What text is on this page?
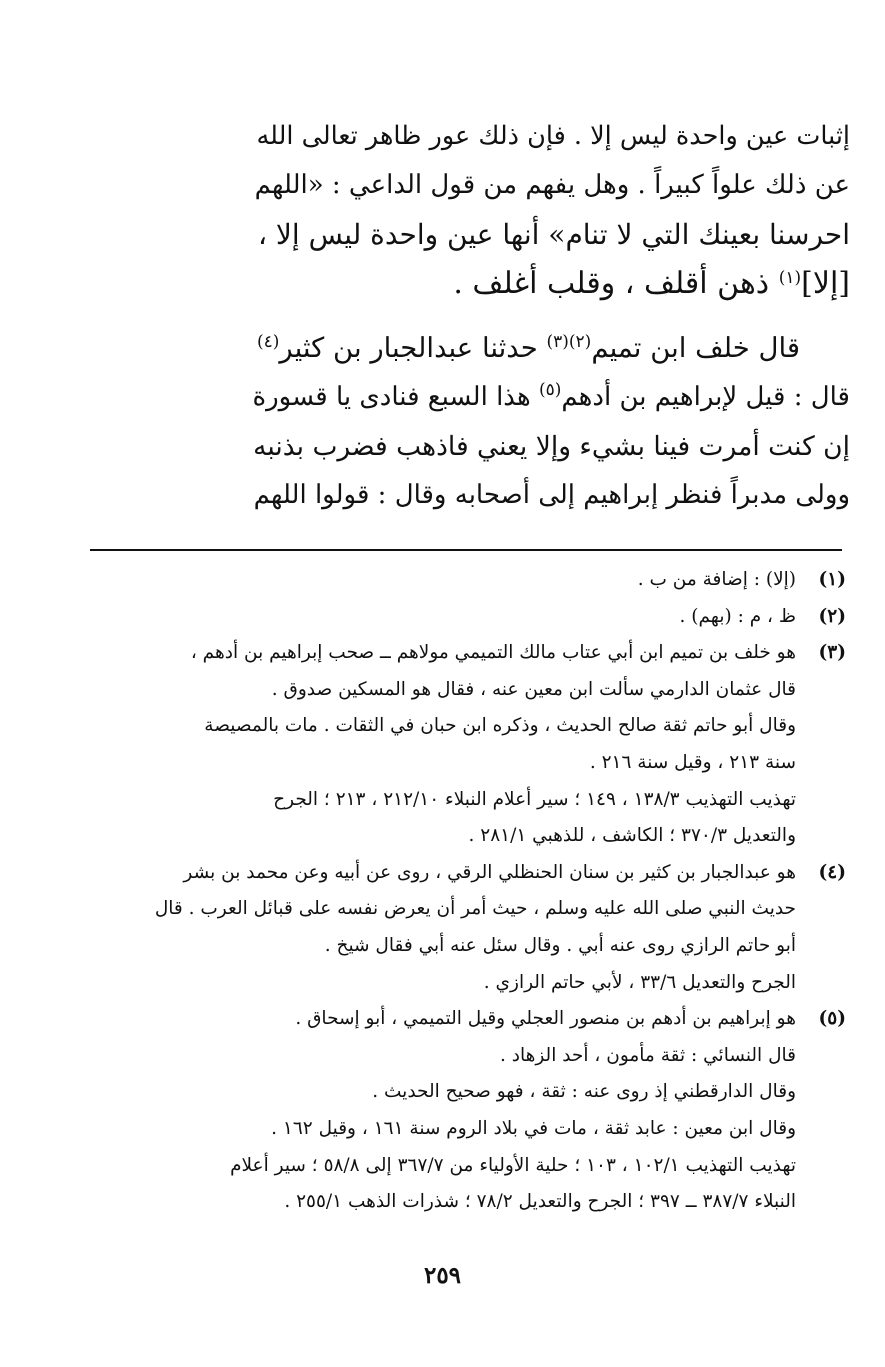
إثبات عين واحدة ليس إلا . فإن ذلك عور ظاهر تعالى الله
عن ذلك علواً كبيراً . وهل يفهم من قول الداعي : «اللهم
احرسنا بعينك التي لا تنام» أنها عين واحدة ليس إلا ،
[إلا]$^{(١)}$ ذهن أقلف ، وقلب أغلف .

قال خلف ابن تميم$^{(٢)(٣)}$ حدثنا عبدالجبار بن كثير$^{(٤)}$
قال : قيل لإبراهيم بن أدهم$^{(٥)}$ هذا السبع فنادى يا قسورة
إن كنت أمرت فينا بشيء وإلا يعني فاذهب فضرب بذنبه
وولى مدبراً فنظر إبراهيم إلى أصحابه وقال : قولوا اللهم

(١)
(إلا) : إضافة من ب .
(٢)
ظ ، م : (بهم) .
(٣)
هو خلف بن تميم ابن أبي عتاب مالك التميمي مولاهم ــ صحب إبراهيم بن أدهم ،
قال عثمان الدارمي سألت ابن معين عنه ، فقال هو المسكين صدوق .
وقال أبو حاتم ثقة صالح الحديث ، وذكره ابن حبان في الثقات . مات بالمصيصة
سنة ٢١٣ ، وقيل سنة ٢١٦ .
تهذيب التهذيب ١٣٨/٣ ، ١٤٩ ؛ سير أعلام النبلاء ٢١٢/١٠ ، ٢١٣ ؛ الجرح
والتعديل ٣٧٠/٣ ؛ الكاشف ، للذهبي ٢٨١/١ .
(٤)
هو عبدالجبار بن كثير بن سنان الحنظلي الرقي ، روى عن أبيه وعن محمد بن بشر
حديث النبي صلى الله عليه وسلم ، حيث أمر أن يعرض نفسه على قبائل العرب . قال
أبو حاتم الرازي روى عنه أبي . وقال سئل عنه أبي فقال شيخ .
الجرح والتعديل ٣٣/٦ ، لأبي حاتم الرازي .
(٥)
هو إبراهيم بن أدهم بن منصور العجلي وقيل التميمي ، أبو إسحاق .
قال النسائي : ثقة مأمون ، أحد الزهاد .
وقال الدارقطني إذ روى عنه : ثقة ، فهو صحيح الحديث .
وقال ابن معين : عابد ثقة ، مات في بلاد الروم سنة ١٦١ ، وقيل ١٦٢ .
تهذيب التهذيب ١٠٢/١ ، ١٠٣ ؛ حلية الأولياء من ٣٦٧/٧ إلى ٥٨/٨ ؛ سير أعلام
النبلاء ٣٨٧/٧ ــ ٣٩٧ ؛ الجرح والتعديل ٧٨/٢ ؛ شذرات الذهب ٢٥٥/١ .
٢٥٩
